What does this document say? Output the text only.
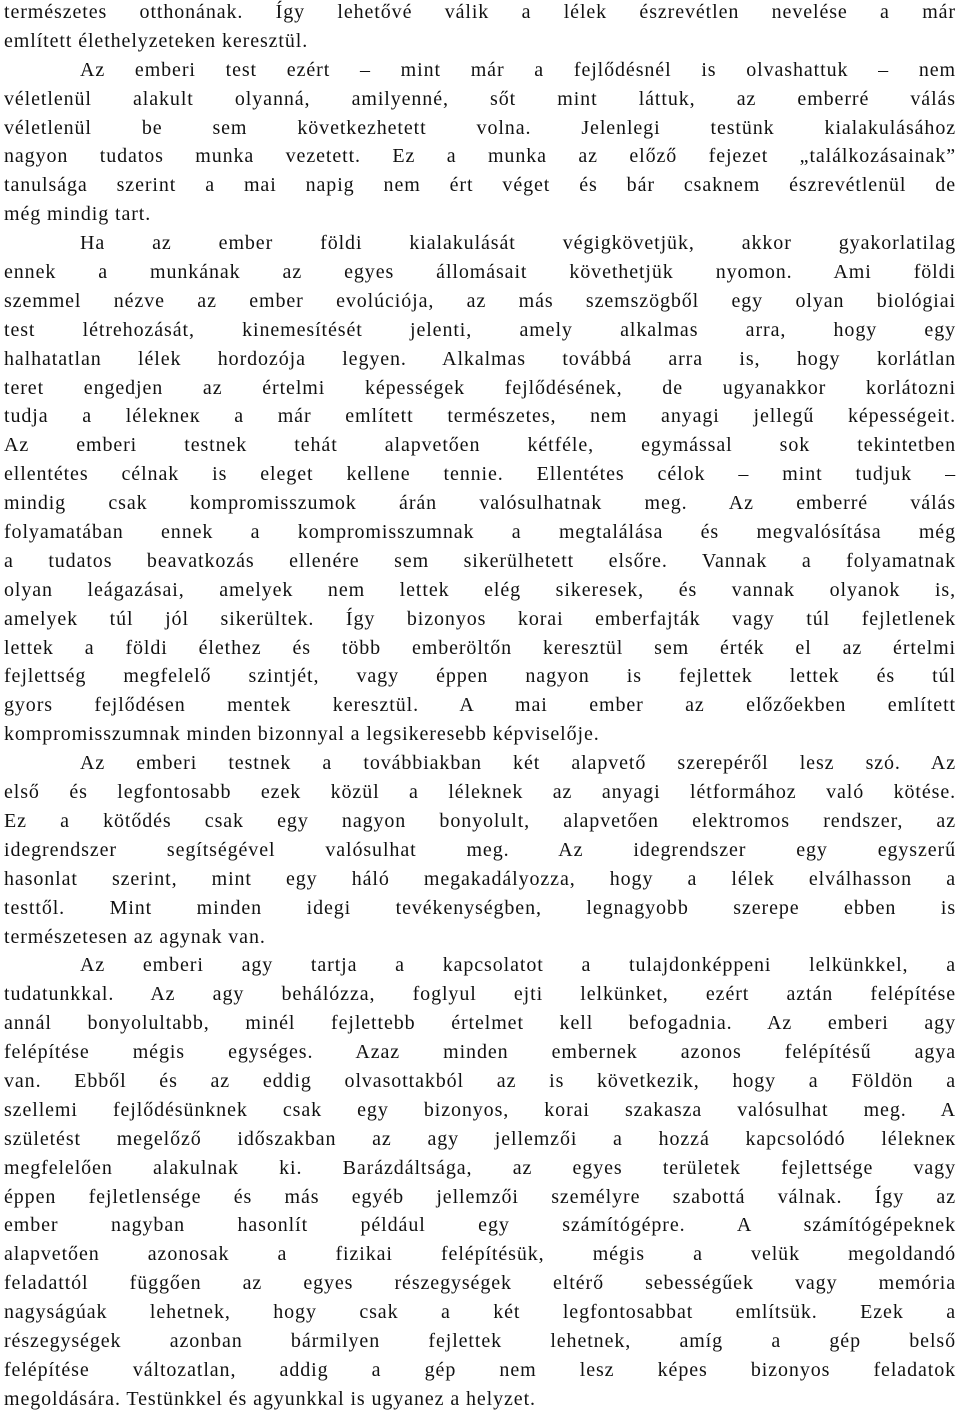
természetes otthonának. Így lehetővé válik a lélek észrevétlen nevelése a már
említett élethelyzeteken keresztül.
Az emberi test ezért – mint már a fejlődésnél is olvashattuk – nem
véletlenül alakult olyanná, amilyenné, sőt mint láttuk, az emberré válás
véletlenül be sem következhetett volna. Jelenlegi testünk kialakulásához
nagyon tudatos munka vezetett. Ez a munka az előző fejezet „találkozásainak”
tanulsága szerint a mai napig nem ért véget és bár csaknem észrevétlenül de
még mindig tart.
Ha az ember földi kialakulását végigkövetjük, akkor gyakorlatilag
ennek a munkának az egyes állomásait követhetjük nyomon. Ami földi
szemmel nézve az ember evolúciója, az más szemszögből egy olyan biológiai
test létrehozását, kinemesítését jelenti, amely alkalmas arra, hogy egy
halhatatlan lélek hordozója legyen. Alkalmas továbbá arra is, hogy korlátlan
teret engedjen az értelmi képességek fejlődésének, de ugyanakkor korlátozni
tudja a lélekneк a már említett természetes, nem anyagi jellegű képességeit.
Az emberi testnek tehát alapvetően kétféle, egymással sok tekintetben
ellentétes célnak is eleget kellene tennie. Ellentétes célok – mint tudjuk –
mindig csak kompromisszumok árán valósulhatnak meg. Az emberré válás
folyamatában ennek a kompromisszumnak a megtalálása és megvalósítása még
a tudatos beavatkozás ellenére sem sikerülhetett elsőre. Vannak a folyamatnak
olyan leágazásai, amelyek nem lettek elég sikeresek, és vannak olyanok is,
amelyek túl jól sikerültek. Így bizonyos korai emberfajták vagy túl fejletlenek
lettek a földi élethez és több emberöltőn keresztül sem érték el az értelmi
fejlettség megfelelő szintjét, vagy éppen nagyon is fejlettek lettek és túl
gyors fejlődésen mentek keresztül. A mai ember az előzőekben említett
kompromisszumnak minden bizonnyal a legsikeresebb képviselője.
Az emberi testnek a továbbiakban két alapvető szerepéről lesz szó. Az
első és legfontosabb ezek közül a léleknek az anyagi létformához való kötése.
Ez a kötődés csak egy nagyon bonyolult, alapvetően elektromos rendszer, az
idegrendszer segítségével valósulhat meg. Az idegrendszer egy egyszerű
hasonlat szerint, mint egy háló megakadályozza, hogy a lélek elválhasson a
testtől. Mint minden idegi tevékenységben, legnagyobb szerepe ebben is
természetesen az agynak van.
Az emberi agy tartja a kapcsolatot a tulajdonképpeni lelkünkkel, a
tudatunkkal. Az agy behálózza, foglyul ejti lelkünket, ezért aztán felépítése
annál bonyolultabb, minél fejlettebb értelmet kell befogadnia. Az emberi agy
felépítése mégis egységes. Azaz minden embernek azonos felépítésű agya
van. Ebből és az eddig olvasottakból az is következik, hogy a Földön a
szellemi fejlődésünknek csak egy bizonyos, korai szakasza valósulhat meg. A
születést megelőző időszakban az agy jellemzői a hozzá kapcsolódó lélekneк
megfelelően alakulnak ki. Barázdáltsága, az egyes területek fejlettsége vagy
éppen fejletlensége és más egyéb jellemzői személyre szabottá válnak. Így az
ember nagyban hasonlít például egy számítógépre. A számítógépeknek
alapvetően azonosak a fizikai felépítésük, mégis a velük megoldandó
feladattól függően az egyes részegységek eltérő sebességűek vagy memória
nagyságúak lehetnek, hogy csak a két legfontosabbat említsük. Ezek a
részegységek azonban bármilyen fejlettek lehetnek, amíg a gép belső
felépítése változatlan, addig a gép nem lesz képes bizonyos feladatok
megoldására. Testünkkel és agyunkkal is ugyanez a helyzet.
